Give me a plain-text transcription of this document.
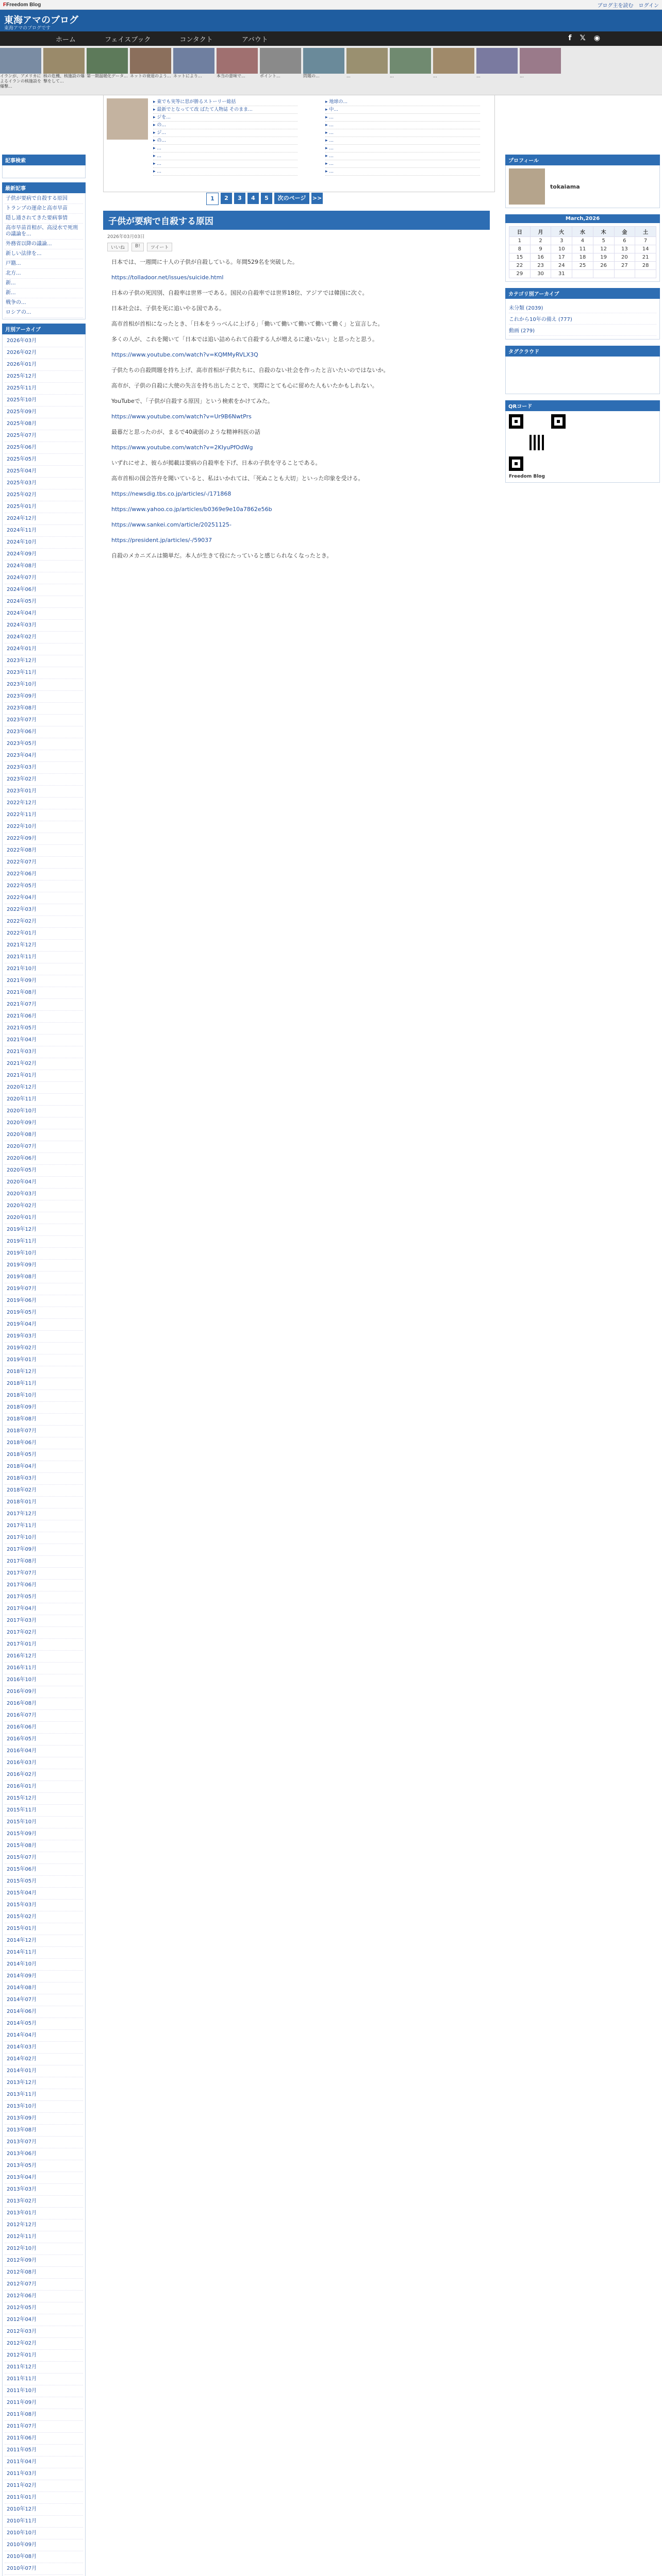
FFreedom Blog	ブログ主を読む ログイン
東海アマのブログ
東海アマのブログです
ホーム	フェイスブック	コンタクト	アバウト	f 𝕏 ◉
イランが、アメリカによるイランの核施設を爆撃...
核の危機、核施設の爆撃をして...
第一期温暖化データ... ネットの衰退のよう... ネットにより...	本当の意味で...	ポイント...	問題の...	...	...	...	...	...
記事検索
最新記事
子供が要病で自殺する原因
トランプの運命と高市早苗
隠し通されてきた要病事情
高市早苗首相が、高浸水で死刑の議論を...
外務省以降の議論...
新しい法律を...
戸籍...
北方...
新...
新...
戦争の...
ロシアの...
月別アーカイブ
2026年03月
2026年02月
2026年01月
2025年12月
2025年11月
2025年10月
2025年09月
2025年08月
2025年07月
2025年06月
2025年05月
2025年04月
2025年03月
2025年02月
2025年01月
2024年12月
2024年11月
2024年10月
2024年09月
2024年08月
2024年07月
2024年06月
2024年05月
2024年04月
2024年03月
2024年02月
2024年01月
2023年12月
2023年11月
2023年10月
2023年09月
2023年08月
2023年07月
2023年06月
2023年05月
2023年04月
2023年03月
2023年02月
2023年01月
2022年12月
2022年11月
2022年10月
2022年09月
2022年08月
2022年07月
2022年06月
2022年05月
2022年04月
2022年03月
2022年02月
2022年01月
2021年12月
2021年11月
2021年10月
2021年09月
2021年08月
2021年07月
2021年06月
2021年05月
2021年04月
2021年03月
2021年02月
2021年01月
2020年12月
2020年11月
2020年10月
2020年09月
2020年08月
2020年07月
2020年06月
2020年05月
2020年04月
2020年03月
2020年02月
2020年01月
2019年12月
2019年11月
2019年10月
2019年09月
2019年08月
2019年07月
2019年06月
2019年05月
2019年04月
2019年03月
2019年02月
2019年01月
2018年12月
2018年11月
2018年10月
2018年09月
2018年08月
2018年07月
2018年06月
2018年05月
2018年04月
2018年03月
2018年02月
2018年01月
2017年12月
2017年11月
2017年10月
2017年09月
2017年08月
2017年07月
2017年06月
2017年05月
2017年04月
2017年03月
2017年02月
2017年01月
2016年12月
2016年11月
2016年10月
2016年09月
2016年08月
2016年07月
2016年06月
2016年05月
2016年04月
2016年03月
2016年02月
2016年01月
2015年12月
2015年11月
2015年10月
2015年09月
2015年08月
2015年07月
2015年06月
2015年05月
2015年04月
2015年03月
2015年02月
2015年01月
2014年12月
2014年11月
2014年10月
2014年09月
2014年08月
2014年07月
2014年06月
2014年05月
2014年04月
2014年03月
2014年02月
2014年01月
2013年12月
2013年11月
2013年10月
2013年09月
2013年08月
2013年07月
2013年06月
2013年05月
2013年04月
2013年03月
2013年02月
2013年01月
2012年12月
2012年11月
2012年10月
2012年09月
2012年08月
2012年07月
2012年06月
2012年05月
2012年04月
2012年03月
2012年02月
2012年01月
2011年12月
2011年11月
2011年10月
2011年09月
2011年08月
2011年07月
2011年06月
2011年05月
2011年04月
2011年03月
2011年02月
2011年01月
2010年12月
2010年11月
2010年10月
2010年09月
2010年08月
2010年07月
▸ 東でも実等に思が勝るストーリー総括
▸ 最新でとなってて改 ばたて人物誌 そのまま...
▸ ジを...
▸ の...
▸ ジ...
▸ の...
▸ ...
▸ ...
▸ ...
▸ ...
▸ 地球の...
▸ 中...
▸ ...
▸ ...
▸ ...
▸ ...
▸ ...
▸ ...
▸ ...
▸ ...
1	2	3	4	5	次のページ	>>
子供が要病で自殺する原因
2026年03月03日
いいね	B!	ツイート

日本では、一週間に十人の子供が自殺している。年間529名を突破した。

https://tolladoor.net/issues/suicide.html

日本の子供の死因別、自殺率は世界一である。国民の自殺率では世界18位、アジアでは韓国に次ぐ。

日本社会は、子供を死に追いやる国である。

高市首相が首相になったとき、「日本をうっべんに上げる」「働いて働いて働いて働いて働く」と宣言した。

多くの人が、これを聞いて「日本では追い詰められて自殺する人が増えるに違いない」と思ったと思う。

https://www.youtube.com/watch?v=KQMMyRVLX3Q

子供たちの自殺問題を持ち上げ、高市首相が子供たちに、自殺のない社会を作ったと言いたいのではないか。

高市が、子供の自殺に大使の失言を持ち出したことで、実際にとても心に留めた人もいたかもしれない。

YouTubeで、「子供が自殺する原因」という検索をかけてみた。

https://www.youtube.com/watch?v=Ur9B6NwtPrs

最暮だと思ったのが、まるで40歳弱のような精神科医の話

https://www.youtube.com/watch?v=2KIyuPfOdWg

いずれにせよ、彼らが掲載は要病の自殺率を下げ、日本の子供を守ることである。

高市首相の国会答弁を聞いていると、私はいかれては、「死ぬことも大切」といった印象を受ける。

https://newsdig.tbs.co.jp/articles/-/171868

https://www.yahoo.co.jp/articles/b0369e9e10a7862e56b

https://www.sankei.com/article/20251125-

https://president.jp/articles/-/59037

自殺のメカニズムは簡単だ。本人が生きて役にたっていると感じられなくなったとき。

プロフィール
tokaiama
March,2026
日	月	火	水	木	金	土
1	2	3	4	5	6	7
8	9	10	11	12	13	14
15	16	17	18	19	20	21
22	23	24	25	26	27	28
29	30	31				
カテゴリ別アーカイブ
未分類 (2039)
これから10年の備え (777)
動画 (279)
タグクラウド
QRコード
Freedom Blog
